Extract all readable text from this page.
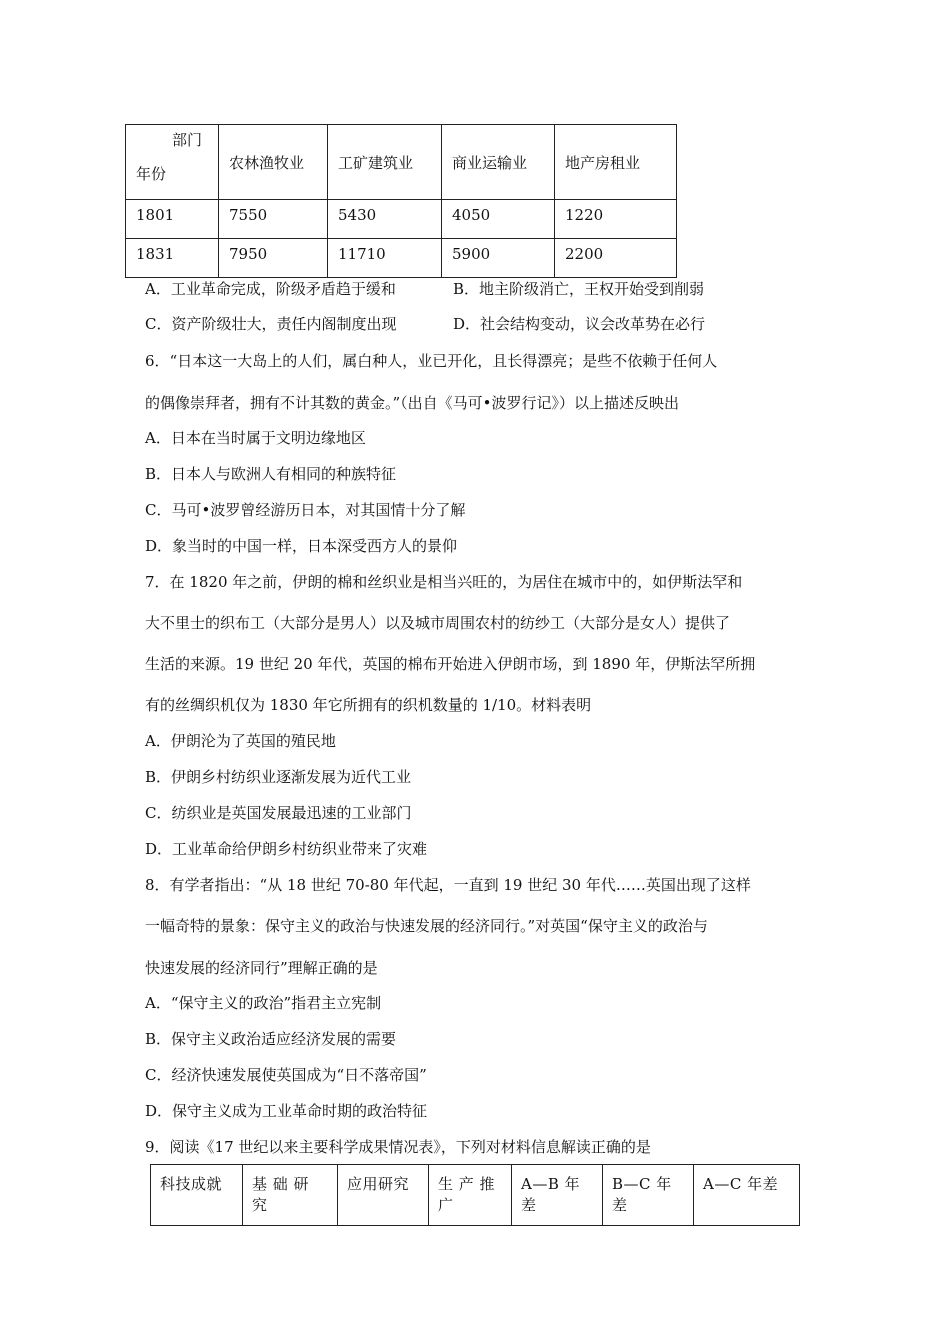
部门
年份	农林渔牧业	工矿建筑业	商业运输业	地产房租业
1801	7550	5430	4050	1220
1831	7950	11710	5900	2200
A．工业革命完成，阶级矛盾趋于缓和	B．地主阶级消亡，王权开始受到削弱
C．资产阶级壮大，责任内阁制度出现	D．社会结构变动，议会改革势在必行
6．“日本这一大岛上的人们，属白种人，业已开化，且长得漂亮；是些不依赖于任何人
的偶像崇拜者，拥有不计其数的黄金。”（出自《马可•波罗行记》）以上描述反映出
A．日本在当时属于文明边缘地区
B．日本人与欧洲人有相同的种族特征
C．马可•波罗曾经游历日本，对其国情十分了解
D．象当时的中国一样，日本深受西方人的景仰
7．在 1820 年之前，伊朗的棉和丝织业是相当兴旺的，为居住在城市中的，如伊斯法罕和
大不里士的织布工（大部分是男人）以及城市周围农村的纺纱工（大部分是女人）提供了
生活的来源。19 世纪 20 年代，英国的棉布开始进入伊朗市场，到 1890 年，伊斯法罕所拥
有的丝绸织机仅为 1830 年它所拥有的织机数量的 1/10。材料表明
A．伊朗沦为了英国的殖民地
B．伊朗乡村纺织业逐渐发展为近代工业
C．纺织业是英国发展最迅速的工业部门
D．工业革命给伊朗乡村纺织业带来了灾难
8．有学者指出：“从 18 世纪 70-80 年代起，一直到 19 世纪 30 年代……英国出现了这样
一幅奇特的景象：保守主义的政治与快速发展的经济同行。”对英国“保守主义的政治与
快速发展的经济同行”理解正确的是
A．“保守主义的政治”指君主立宪制
B．保守主义政治适应经济发展的需要
C．经济快速发展使英国成为“日不落帝国”
D．保守主义成为工业革命时期的政治特征
9．阅读《17 世纪以来主要科学成果情况表》，下列对材料信息解读正确的是
科技成就	基 础 研 究	应用研究	生 产 推 广	A—B 年差	B—C 年差	A—C 年差
